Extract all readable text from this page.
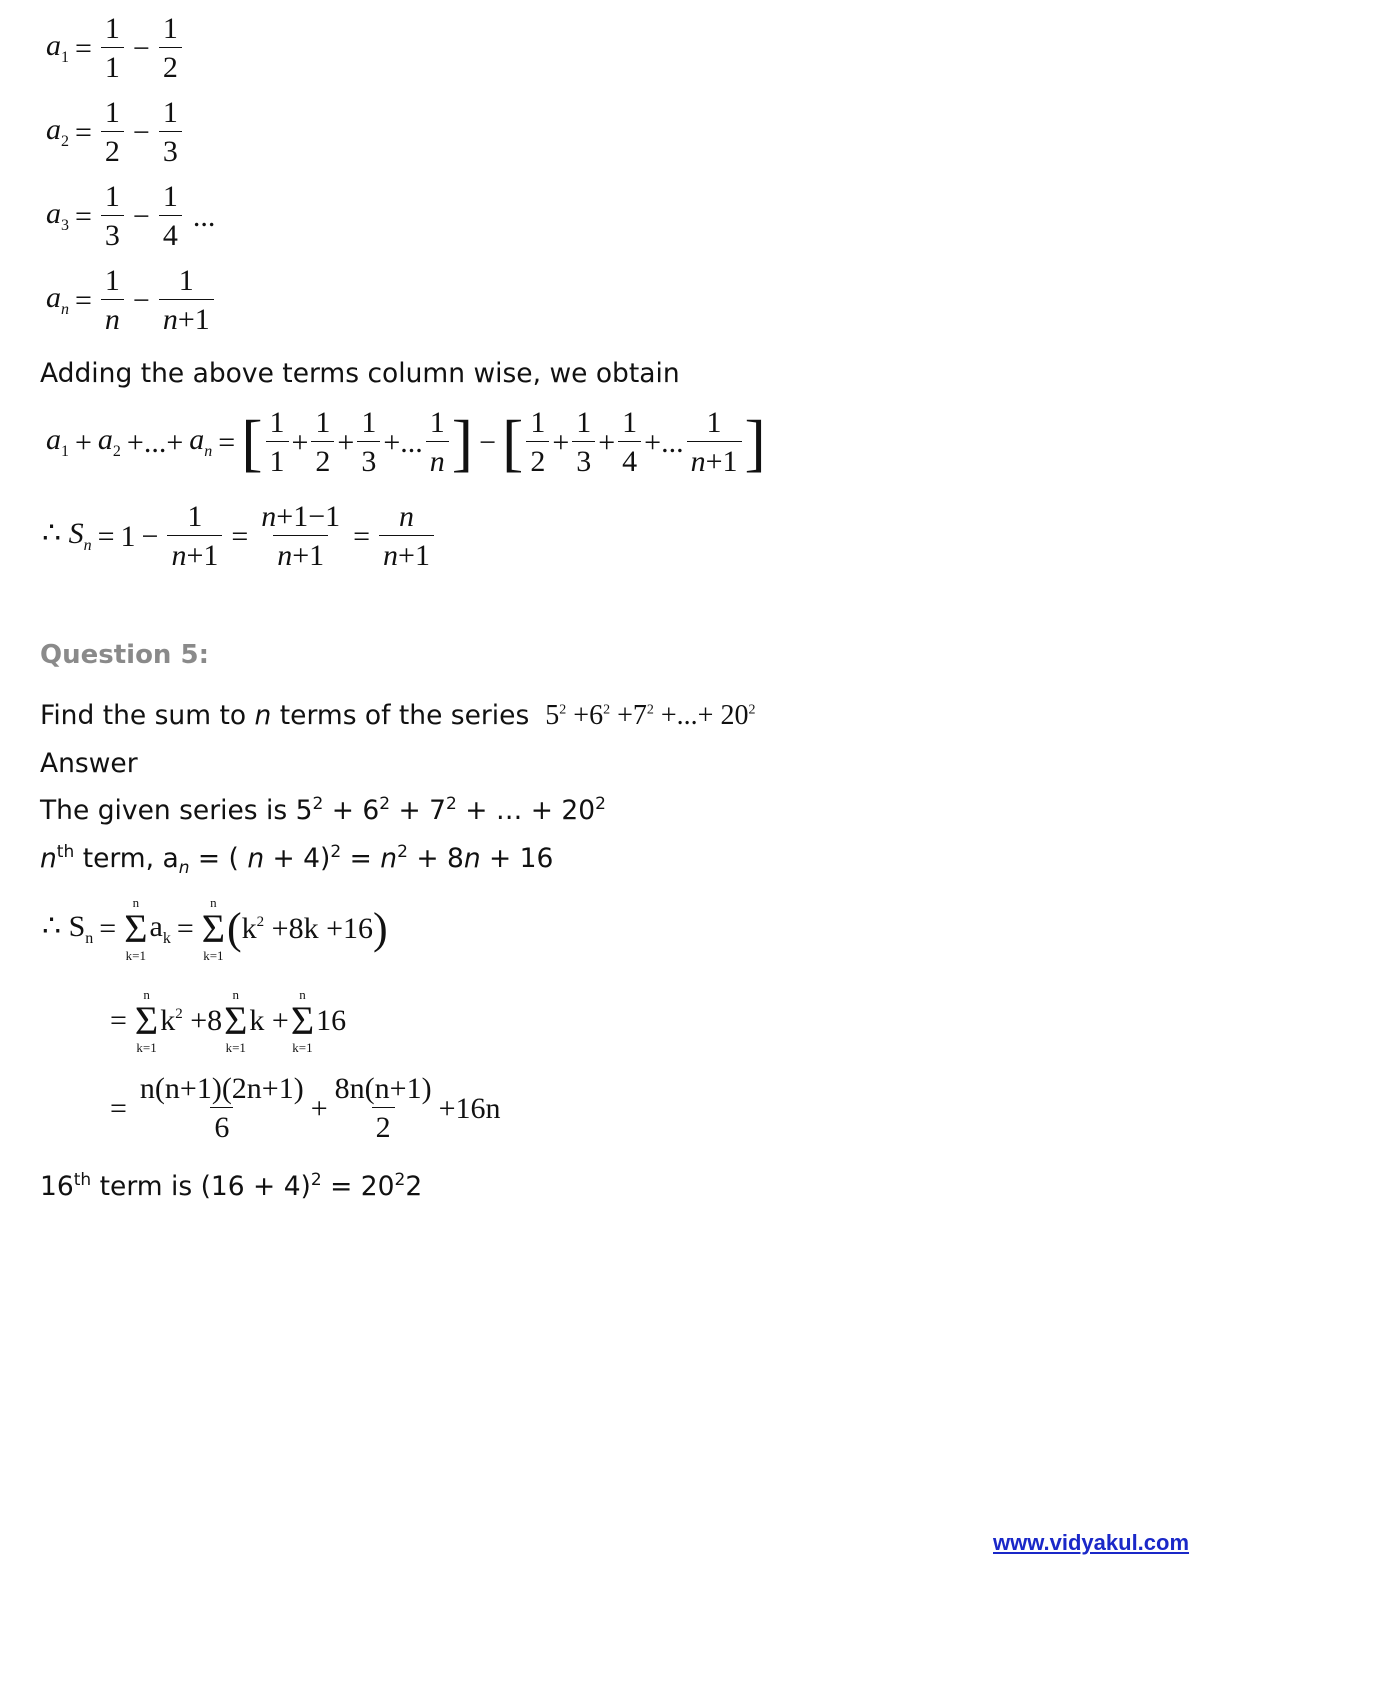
$a_1 = \frac{1}{1} - \frac{1}{2}$
$a_2 = \frac{1}{2} - \frac{1}{3}$
$a_3 = \frac{1}{3} - \frac{1}{4}$ ...
$a_n = \frac{1}{n} - \frac{1}{n+1}$
Adding the above terms column wise, we obtain
$a_1 + a_2$ +...+ $a_n$ = [ $\frac{1}{1} + \frac{1}{2} + \frac{1}{3}$ +... $\frac{1}{n}$ ] − [ $\frac{1}{2} + \frac{1}{3} + \frac{1}{4}$ +... $\frac{1}{n+1}$ ]
∴ $S_n = 1 - \frac{1}{n+1} = \frac{n+1-1}{n+1} = \frac{n}{n+1}$
Question 5:
Find the sum to
n
terms of the series $5^2 +6^2 +7^2$ +...+ $20^2$
Answer
The given series is $5^2 + 6^2 + 7^2$ + … + $20^2$
$n^{th}$ term, $a_n$ = ( $n + 4)^2 = n^2 + 8n + 16$
∴ $S_n$ =
n
Σ
k=1
$a_k$ =
n
Σ
k=1
( $k^2 +8k +16$ )
=
n
Σ
k=1
$k^2 +8$
n
Σ
k=1
k +
n
Σ
k=1
16
= $\frac{n(n+1)(2n+1)}{6} + \frac{8n(n+1)}{2} +16n$
16th term is $(16 + 4)^2 = 20^22$
www.vidyakul.com
